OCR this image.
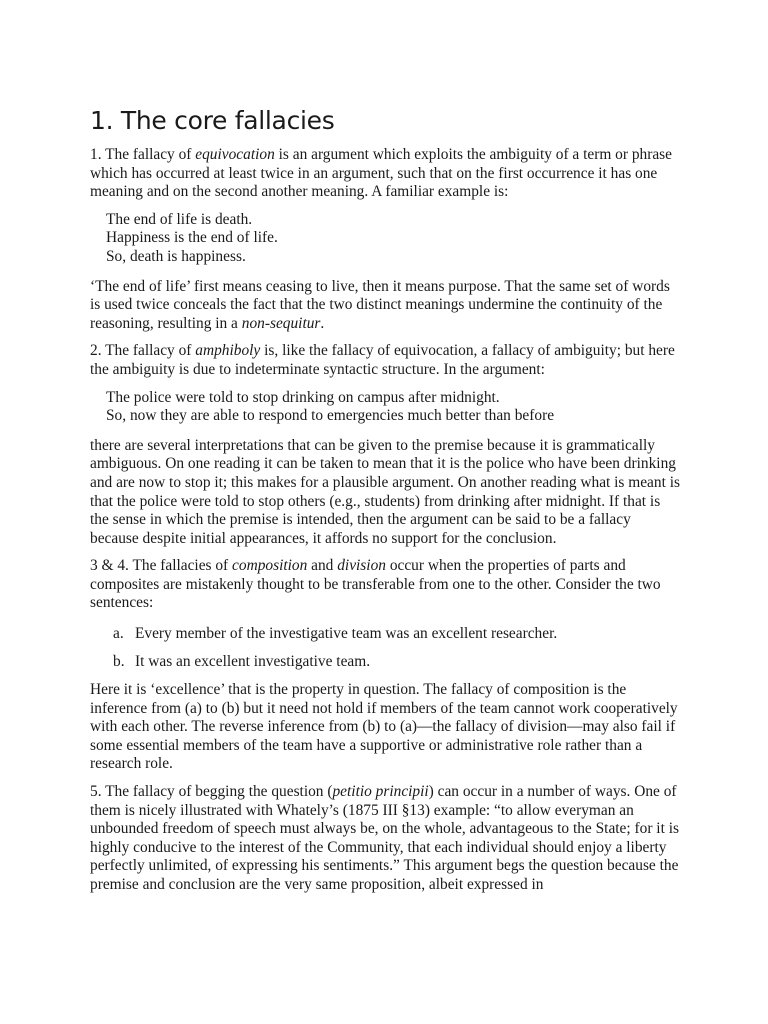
1. The core fallacies

1. The fallacy of equivocation is an argument which exploits the ambiguity of a term or phrase which has occurred at least twice in an argument, such that on the first occurrence it has one meaning and on the second another meaning. A familiar example is:

The end of life is death.
Happiness is the end of life.
So, death is happiness.

‘The end of life’ first means ceasing to live, then it means purpose. That the same set of words is used twice conceals the fact that the two distinct meanings undermine the continuity of the reasoning, resulting in a non-sequitur.

2. The fallacy of amphiboly is, like the fallacy of equivocation, a fallacy of ambiguity; but here the ambiguity is due to indeterminate syntactic structure. In the argument:

The police were told to stop drinking on campus after midnight.
So, now they are able to respond to emergencies much better than before

there are several interpretations that can be given to the premise because it is grammatically ambiguous. On one reading it can be taken to mean that it is the police who have been drinking and are now to stop it; this makes for a plausible argument. On another reading what is meant is that the police were told to stop others (e.g., students) from drinking after midnight. If that is the sense in which the premise is intended, then the argument can be said to be a fallacy because despite initial appearances, it affords no support for the conclusion.

3 & 4. The fallacies of composition and division occur when the properties of parts and composites are mistakenly thought to be transferable from one to the other. Consider the two sentences:

a. Every member of the investigative team was an excellent researcher.
b. It was an excellent investigative team.

Here it is ‘excellence’ that is the property in question. The fallacy of composition is the inference from (a) to (b) but it need not hold if members of the team cannot work cooperatively with each other. The reverse inference from (b) to (a)—the fallacy of division—may also fail if some essential members of the team have a supportive or administrative role rather than a research role.

5. The fallacy of begging the question (petitio principii) can occur in a number of ways. One of them is nicely illustrated with Whately’s (1875 III §13) example: “to allow everyman an unbounded freedom of speech must always be, on the whole, advantageous to the State; for it is highly conducive to the interest of the Community, that each individual should enjoy a liberty perfectly unlimited, of expressing his sentiments.” This argument begs the question because the premise and conclusion are the very same proposition, albeit expressed in
